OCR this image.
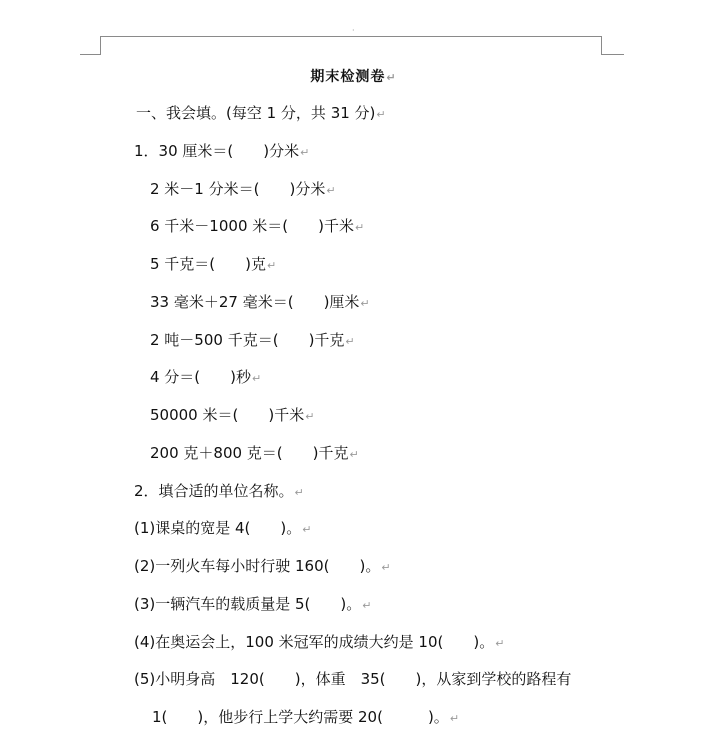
·
期末检测卷↵
一、我会填。(每空 1 分，共 31 分)↵
1．30 厘米＝(　　)分米↵
2 米－1 分米＝(　　)分米↵
6 千米－1000 米＝(　　)千米↵
5 千克＝(　　)克↵
33 毫米＋27 毫米＝(　　)厘米↵
2 吨－500 千克＝(　　)千克↵
4 分＝(　　)秒↵
50000 米＝(　　)千米↵
200 克＋800 克＝(　　)千克↵
2．填合适的单位名称。↵
(1)课桌的宽是 4(　　)。↵
(2)一列火车每小时行驶 160(　　)。↵
(3)一辆汽车的载质量是 5(　　)。↵
(4)在奥运会上，100 米冠军的成绩大约是 10(　　)。↵
(5)小明身高　120(　　)，体重　35(　　)，从家到学校的路程有
1(　　)，他步行上学大约需要 20(　　　)。↵
